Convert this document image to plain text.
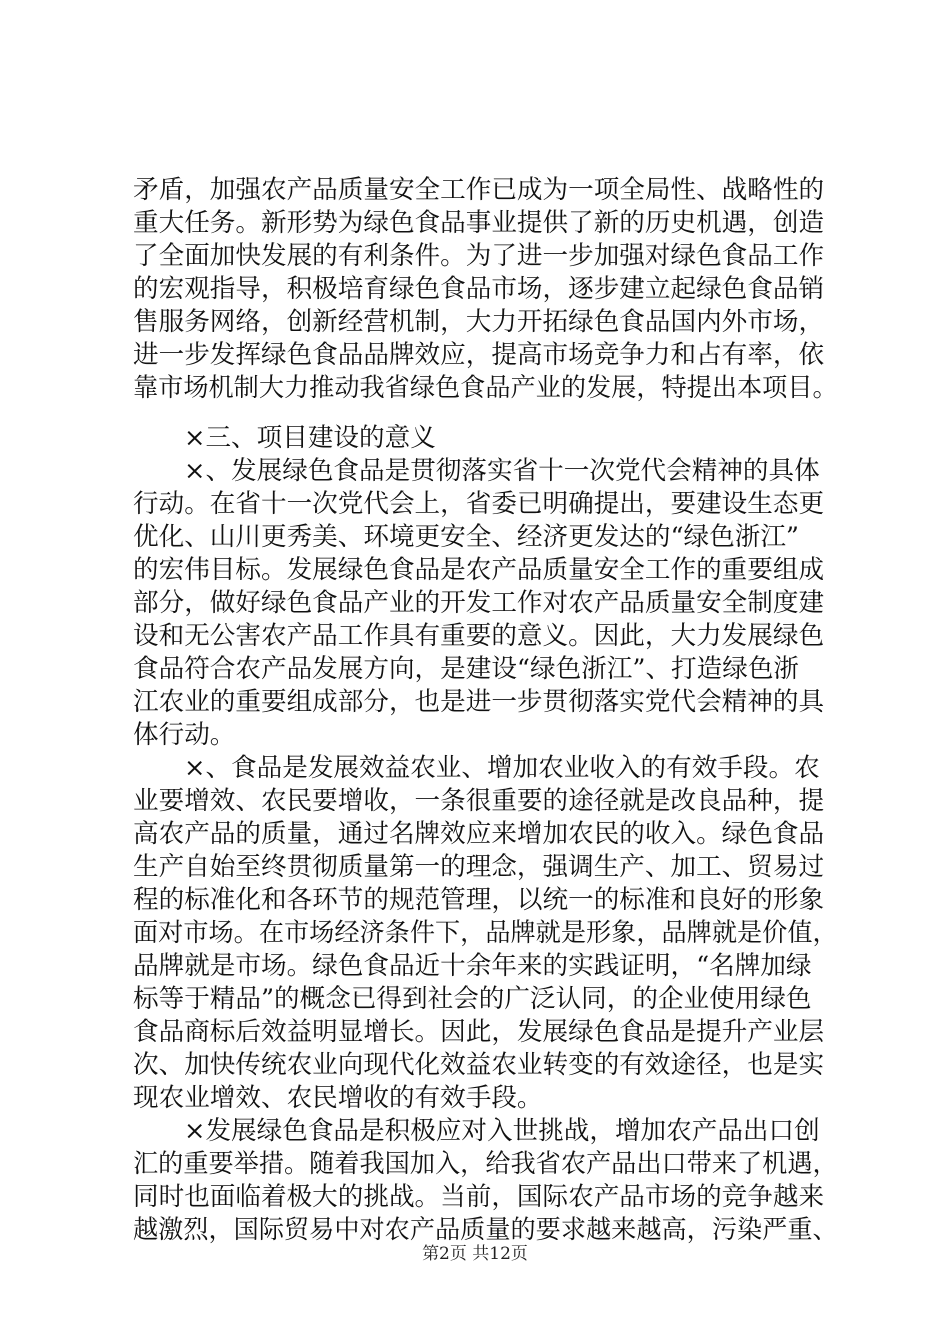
矛盾，加强农产品质量安全工作已成为一项全局性、战略性的
重大任务。新形势为绿色食品事业提供了新的历史机遇，创造
了全面加快发展的有利条件。为了进一步加强对绿色食品工作
的宏观指导，积极培育绿色食品市场，逐步建立起绿色食品销
售服务网络，创新经营机制，大力开拓绿色食品国内外市场，
进一步发挥绿色食品品牌效应，提高市场竞争力和占有率，依
靠市场机制大力推动我省绿色食品产业的发展，特提出本项目。
×三、项目建设的意义
×、发展绿色食品是贯彻落实省十一次党代会精神的具体
行动。在省十一次党代会上，省委已明确提出，要建设生态更
优化、山川更秀美、环境更安全、经济更发达的“绿色浙江”
的宏伟目标。发展绿色食品是农产品质量安全工作的重要组成
部分，做好绿色食品产业的开发工作对农产品质量安全制度建
设和无公害农产品工作具有重要的意义。因此，大力发展绿色
食品符合农产品发展方向，是建设“绿色浙江”、打造绿色浙
江农业的重要组成部分，也是进一步贯彻落实党代会精神的具
体行动。
×、食品是发展效益农业、增加农业收入的有效手段。农
业要增效、农民要增收，一条很重要的途径就是改良品种，提
高农产品的质量，通过名牌效应来增加农民的收入。绿色食品
生产自始至终贯彻质量第一的理念，强调生产、加工、贸易过
程的标准化和各环节的规范管理，以统一的标准和良好的形象
面对市场。在市场经济条件下，品牌就是形象，品牌就是价值，
品牌就是市场。绿色食品近十余年来的实践证明，“名牌加绿
标等于精品”的概念已得到社会的广泛认同，的企业使用绿色
食品商标后效益明显增长。因此，发展绿色食品是提升产业层
次、加快传统农业向现代化效益农业转变的有效途径，也是实
现农业增效、农民增收的有效手段。
×发展绿色食品是积极应对入世挑战，增加农产品出口创
汇的重要举措。随着我国加入，给我省农产品出口带来了机遇，
同时也面临着极大的挑战。当前，国际农产品市场的竞争越来
越激烈，国际贸易中对农产品质量的要求越来越高，污染严重、
第2页 共12页
